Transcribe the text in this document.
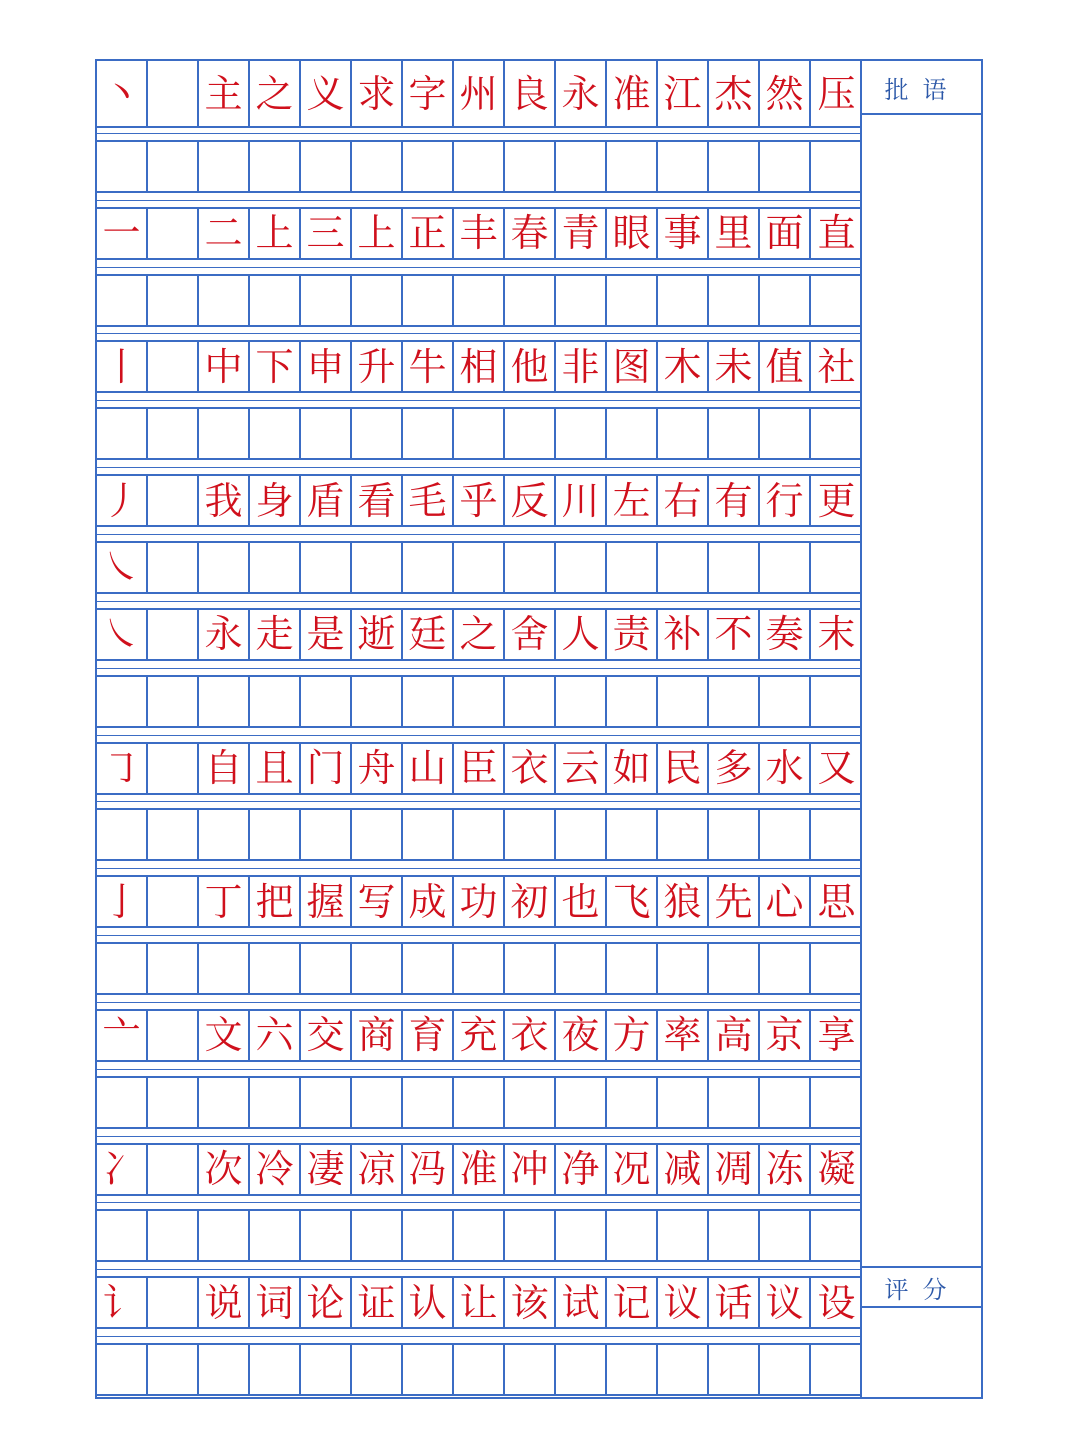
丶 主 之 义 求 字 州 良 永 准 江 杰 然 压
一 二 上 三 上 正 丰 春 青 眼 事 里 面 直
丨 中 下 申 升 牛 相 他 非 图 木 未 值 社
丿 我 身 盾 看 毛 乎 反 川 左 右 有 行 更
㇏
㇏ 永 走 是 逝 廷 之 舍 人 责 补 不 奏 末
㇆ 自 且 门 舟 山 臣 衣 云 如 民 多 水 又
亅 丁 把 握 写 成 功 初 也 飞 狼 先 心 思
亠 文 六 交 商 育 充 衣 夜 方 率 高 京 享
冫 次 冷 凄 凉 冯 准 冲 净 况 减 凋 冻 凝
讠 说 词 论 证 认 让 该 试 记 议 话 议 设
批语
评分
